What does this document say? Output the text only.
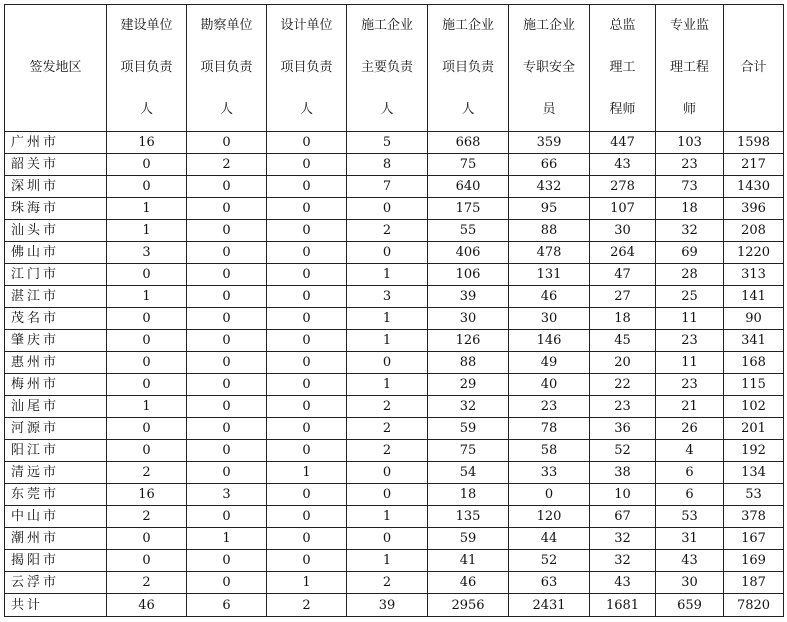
签发地区	建设单位
项目负责
人	勘察单位
项目负责
人	设计单位
项目负责
人	施工企业
主要负责
人	施工企业
项目负责
人	施工企业
专职安全
员	总监
理工
程师	专业监
理工程
师	合计

广州市	16	0	0	5	668	359	447	103	1598
韶关市	0	2	0	8	75	66	43	23	217
深圳市	0	0	0	7	640	432	278	73	1430
珠海市	1	0	0	0	175	95	107	18	396
汕头市	1	0	0	2	55	88	30	32	208
佛山市	3	0	0	0	406	478	264	69	1220
江门市	0	0	0	1	106	131	47	28	313
湛江市	1	0	0	3	39	46	27	25	141
茂名市	0	0	0	1	30	30	18	11	90
肇庆市	0	0	0	1	126	146	45	23	341
惠州市	0	0	0	0	88	49	20	11	168
梅州市	0	0	0	1	29	40	22	23	115
汕尾市	1	0	0	2	32	23	23	21	102
河源市	0	0	0	2	59	78	36	26	201
阳江市	0	0	0	2	75	58	52	4	192
清远市	2	0	1	0	54	33	38	6	134
东莞市	16	3	0	0	18	0	10	6	53
中山市	2	0	0	1	135	120	67	53	378
潮州市	0	1	0	0	59	44	32	31	167
揭阳市	0	0	0	1	41	52	32	43	169
云浮市	2	0	1	2	46	63	43	30	187
共计	46	6	2	39	2956	2431	1681	659	7820
